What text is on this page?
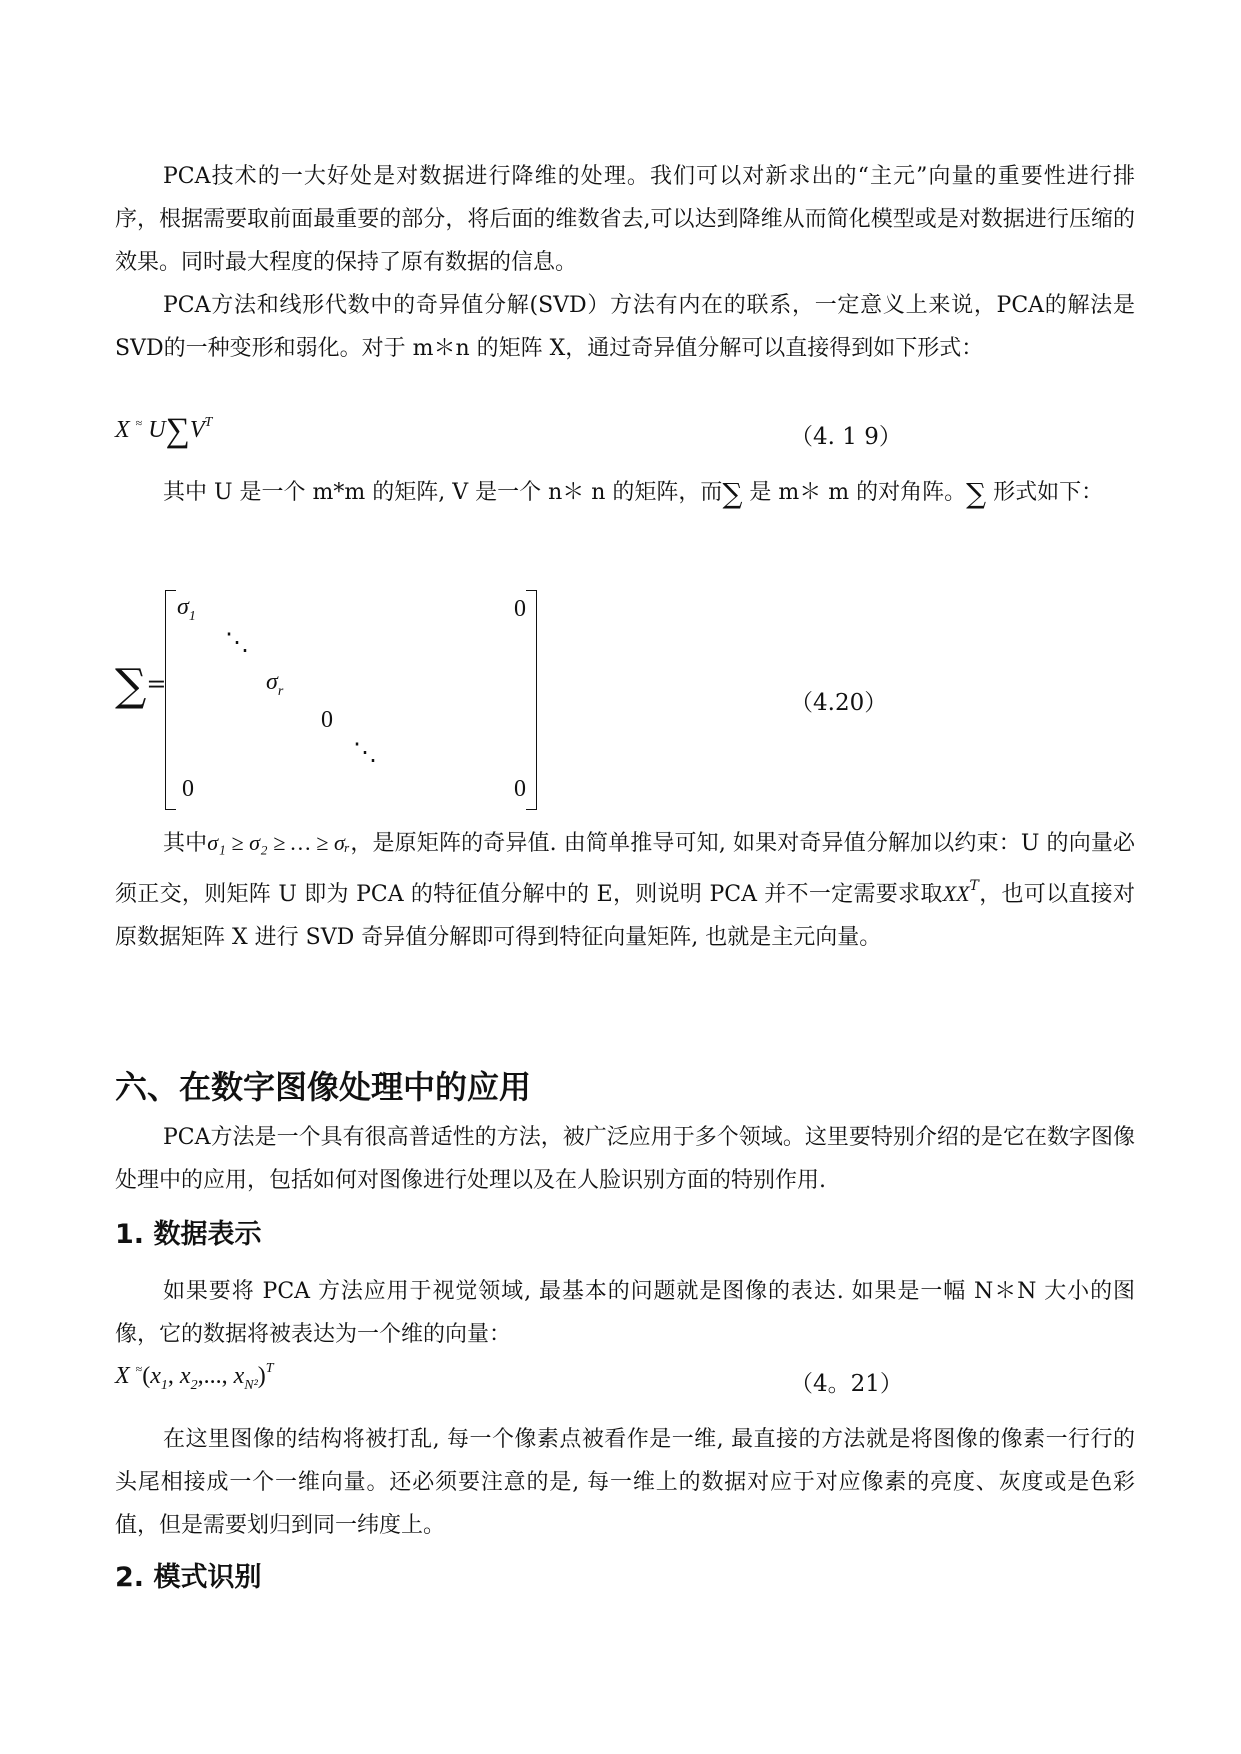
PCA技术的一大好处是对数据进行降维的处理。我们可以对新求出的“主元”向量的重要性进行排序，根据需要取前面最重要的部分，将后面的维数省去,可以达到降维从而简化模型或是对数据进行压缩的效果。同时最大程度的保持了原有数据的信息。

PCA方法和线形代数中的奇异值分解(SVD）方法有内在的联系，一定意义上来说，PCA的解法是SVD的一种变形和弱化。对于 m＊n 的矩阵 X，通过奇异值分解可以直接得到如下形式：

X ≈ $U\sum V^T$
（4. 1 9）

其中 U 是一个 m*m 的矩阵, V 是一个 n＊ n 的矩阵，而∑ 是 m＊ m 的对角阵。∑ 形式如下：

∑=
$\sigma_1$	0
⋱
$\sigma_r$
0
⋱
0	0
（4.20）

其中σ₁ ≥ σ₂ ≥ … ≥ σᵣ，是原矩阵的奇异值. 由简单推导可知, 如果对奇异值分解加以约束：U 的向量必须正交，则矩阵 U 即为 PCA 的特征值分解中的 E，则说明 PCA 并不一定需要求取$XX^T$，也可以直接对原数据矩阵 X 进行 SVD 奇异值分解即可得到特征向量矩阵, 也就是主元向量。

六、在数字图像处理中的应用

PCA方法是一个具有很高普适性的方法，被广泛应用于多个领域。这里要特别介绍的是它在数字图像处理中的应用，包括如何对图像进行处理以及在人脸识别方面的特别作用.

1. 数据表示

如果要将 PCA 方法应用于视觉领域, 最基本的问题就是图像的表达. 如果是一幅 N＊N 大小的图像，它的数据将被表达为一个维的向量：

X $^\approx(x_1$, $x_2$,..., $x_{N^2})^T$
（4。21）

在这里图像的结构将被打乱, 每一个像素点被看作是一维, 最直接的方法就是将图像的像素一行行的头尾相接成一个一维向量。还必须要注意的是, 每一维上的数据对应于对应像素的亮度、灰度或是色彩值，但是需要划归到同一纬度上。

2. 模式识别
